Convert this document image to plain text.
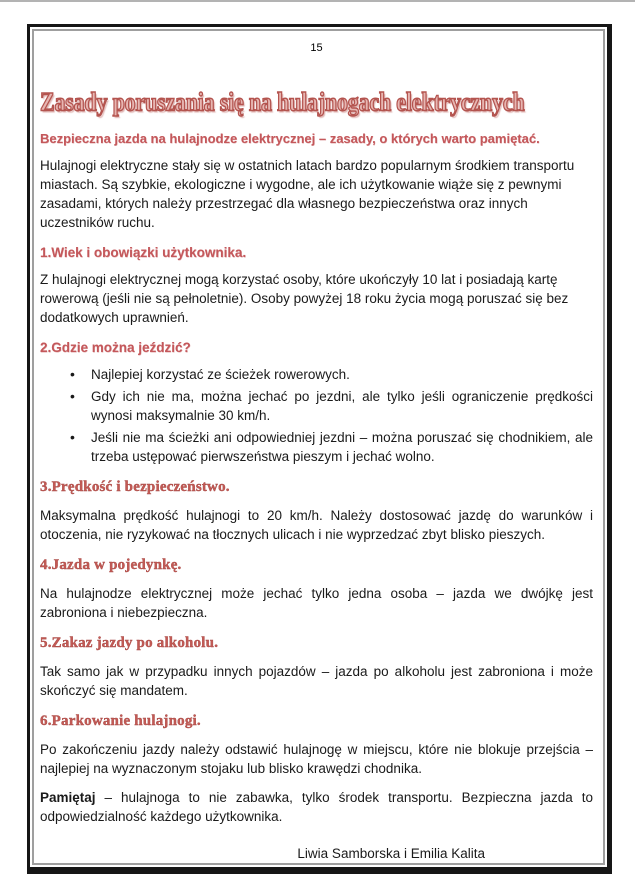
15
Zasady poruszania się na hulajnogach elektrycznych
Bezpieczna jazda na hulajnodze elektrycznej – zasady, o których warto pamiętać.

Hulajnogi elektryczne stały się w ostatnich latach bardzo popularnym środkiem transportu miastach. Są szybkie, ekologiczne i wygodne, ale ich użytkowanie wiąże się z pewnymi zasadami, których należy przestrzegać dla własnego bezpieczeństwa oraz innych uczestników ruchu.

1.Wiek i obowiązki użytkownika.

Z hulajnogi elektrycznej mogą korzystać osoby, które ukończyły 10 lat i posiadają kartę rowerową (jeśli nie są pełnoletnie). Osoby powyżej 18 roku życia mogą poruszać się bez dodatkowych uprawnień.

2.Gdzie można jeździć?
• Najlepiej korzystać ze ścieżek rowerowych.
• Gdy ich nie ma, można jechać po jezdni, ale tylko jeśli ograniczenie prędkości wynosi maksymalnie 30 km/h.
• Jeśli nie ma ścieżki ani odpowiedniej jezdni – można poruszać się chodnikiem, ale trzeba ustępować pierwszeństwa pieszym i jechać wolno.
3.Prędkość i bezpieczeństwo.

Maksymalna prędkość hulajnogi to 20 km/h. Należy dostosować jazdę do warunków i otoczenia, nie ryzykować na tłocznych ulicach i nie wyprzedzać zbyt blisko pieszych.

4.Jazda w pojedynkę.

Na hulajnodze elektrycznej może jechać tylko jedna osoba – jazda we dwójkę jest zabroniona i niebezpieczna.

5.Zakaz jazdy po alkoholu.

Tak samo jak w przypadku innych pojazdów – jazda po alkoholu jest zabroniona i może skończyć się mandatem.

6.Parkowanie hulajnogi.

Po zakończeniu jazdy należy odstawić hulajnogę w miejscu, które nie blokuje przejścia – najlepiej na wyznaczonym stojaku lub blisko krawędzi chodnika.

Pamiętaj – hulajnoga to nie zabawka, tylko środek transportu. Bezpieczna jazda to odpowiedzialność każdego użytkownika.

Liwia Samborska i Emilia Kalita
